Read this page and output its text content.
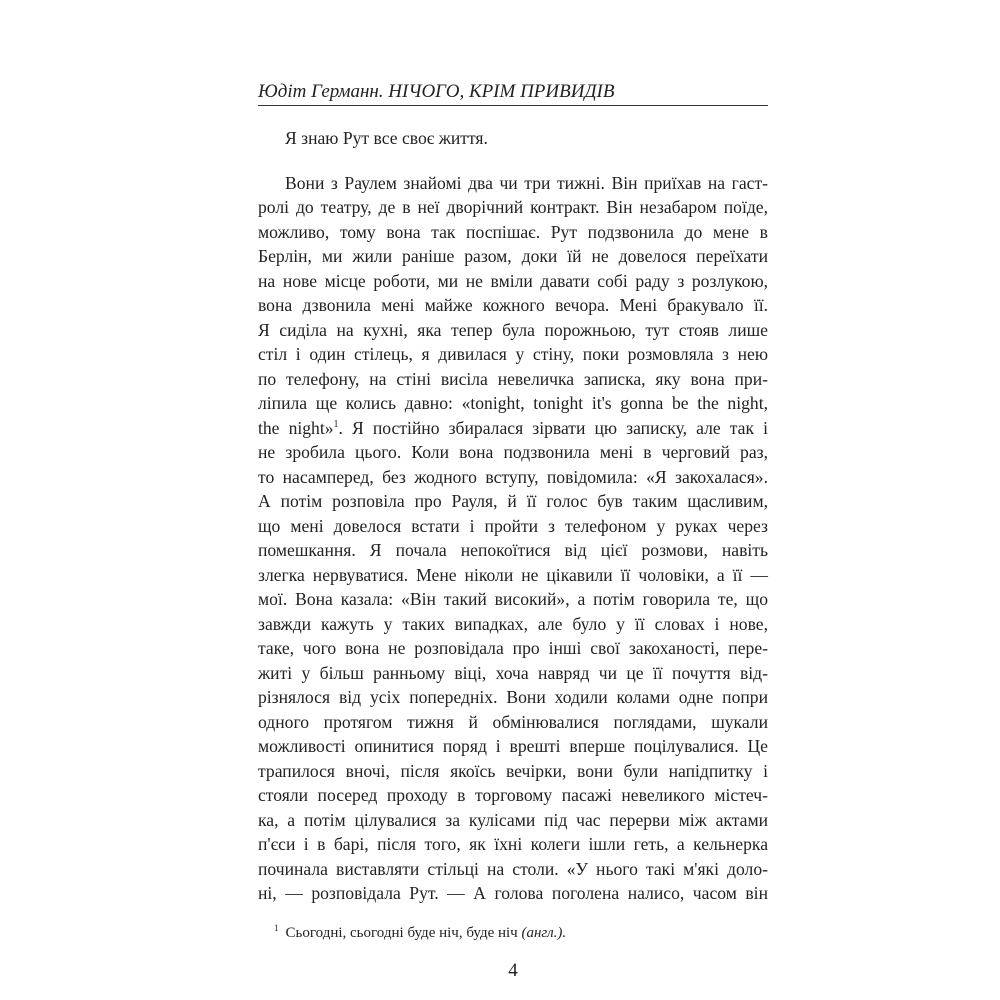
Юдіт Германн. НІЧОГО, КРІМ ПРИВИДІВ
Я знаю Рут все своє життя.
Вони з Раулем знайомі два чи три тижні. Він приїхав на гаст-
ролі до театру, де в неї дворічний контракт. Він незабаром поїде,
можливо, тому вона так поспішає. Рут подзвонила до мене в
Берлін, ми жили раніше разом, доки їй не довелося переїхати
на нове місце роботи, ми не вміли давати собі раду з розлукою,
вона дзвонила мені майже кожного вечора. Мені бракувало її.
Я сиділа на кухні, яка тепер була порожньою, тут стояв лише
стіл і один стілець, я дивилася у стіну, поки розмовляла з нею
по телефону, на стіні висіла невеличка записка, яку вона при-
ліпила ще колись давно: «tonight, tonight it's gonna be the night,
the night»$^1$. Я постійно збиралася зірвати цю записку, але так і
не зробила цього. Коли вона подзвонила мені в черговий раз,
то насамперед, без жодного вступу, повідомила: «Я закохалася».
А потім розповіла про Рауля, й її голос був таким щасливим,
що мені довелося встати і пройти з телефоном у руках через
помешкання. Я почала непокоїтися від цієї розмови, навіть
злегка нервуватися. Мене ніколи не цікавили її чоловіки, а її —
мої. Вона казала: «Він такий високий», а потім говорила те, що
завжди кажуть у таких випадках, але було у її словах і нове,
таке, чого вона не розповідала про інші свої закоханості, пере-
житі у більш ранньому віці, хоча навряд чи це її почуття від-
різнялося від усіх попередніх. Вони ходили колами одне попри
одного протягом тижня й обмінювалися поглядами, шукали
можливості опинитися поряд і врешті вперше поцілувалися. Це
трапилося вночі, після якоїсь вечірки, вони були напідпитку і
стояли посеред проходу в торговому пасажі невеликого містеч-
ка, а потім цілувалися за кулісами під час перерви між актами
п'єси і в барі, після того, як їхні колеги ішли геть, а кельнерка
починала виставляти стільці на столи. «У нього такі м'які доло-
ні, — розповідала Рут. — А голова поголена налисо, часом він
$^1$ Сьогодні, сьогодні буде ніч, буде ніч (англ.).
4
